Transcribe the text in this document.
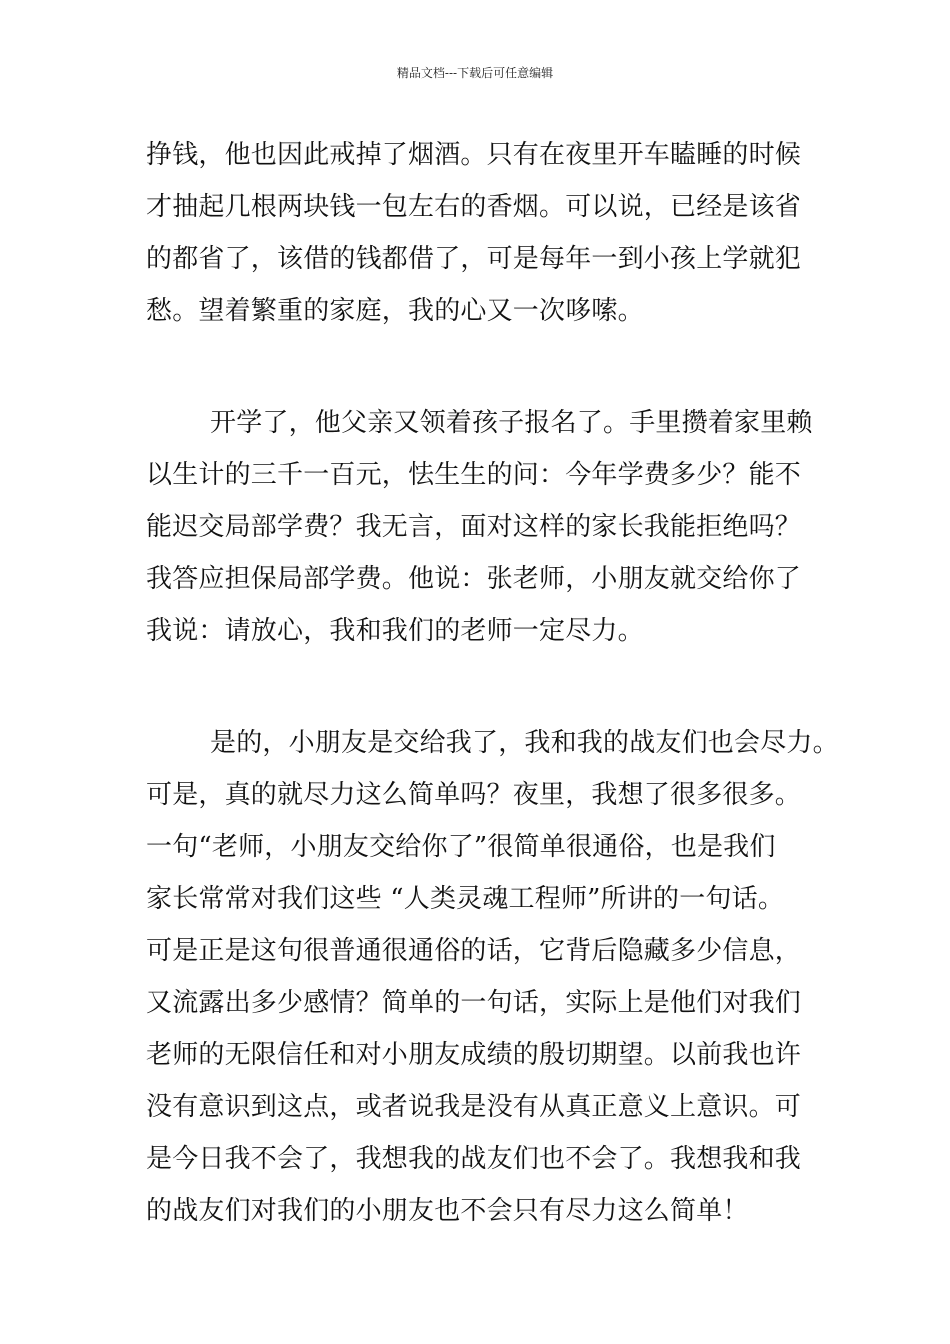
精品文档---下载后可任意编辑
挣钱，他也因此戒掉了烟酒。只有在夜里开车瞌睡的时候
才抽起几根两块钱一包左右的香烟。可以说，已经是该省
的都省了，该借的钱都借了，可是每年一到小孩上学就犯
愁。望着繁重的家庭，我的心又一次哆嗦。
开学了，他父亲又领着孩子报名了。手里攒着家里赖
以生计的三千一百元，怯生生的问：今年学费多少？能不
能迟交局部学费？我无言，面对这样的家长我能拒绝吗？
我答应担保局部学费。他说：张老师，小朋友就交给你了
我说：请放心，我和我们的老师一定尽力。
是的，小朋友是交给我了，我和我的战友们也会尽力。
可是，真的就尽力这么简单吗？夜里，我想了很多很多。
一句“老师，小朋友交给你了”很简单很通俗，也是我们
家长常常对我们这些 “人类灵魂工程师”所讲的一句话。
可是正是这句很普通很通俗的话，它背后隐藏多少信息，
又流露出多少感情？简单的一句话，实际上是他们对我们
老师的无限信任和对小朋友成绩的殷切期望。以前我也许
没有意识到这点，或者说我是没有从真正意义上意识。可
是今日我不会了，我想我的战友们也不会了。我想我和我
的战友们对我们的小朋友也不会只有尽力这么简单！
